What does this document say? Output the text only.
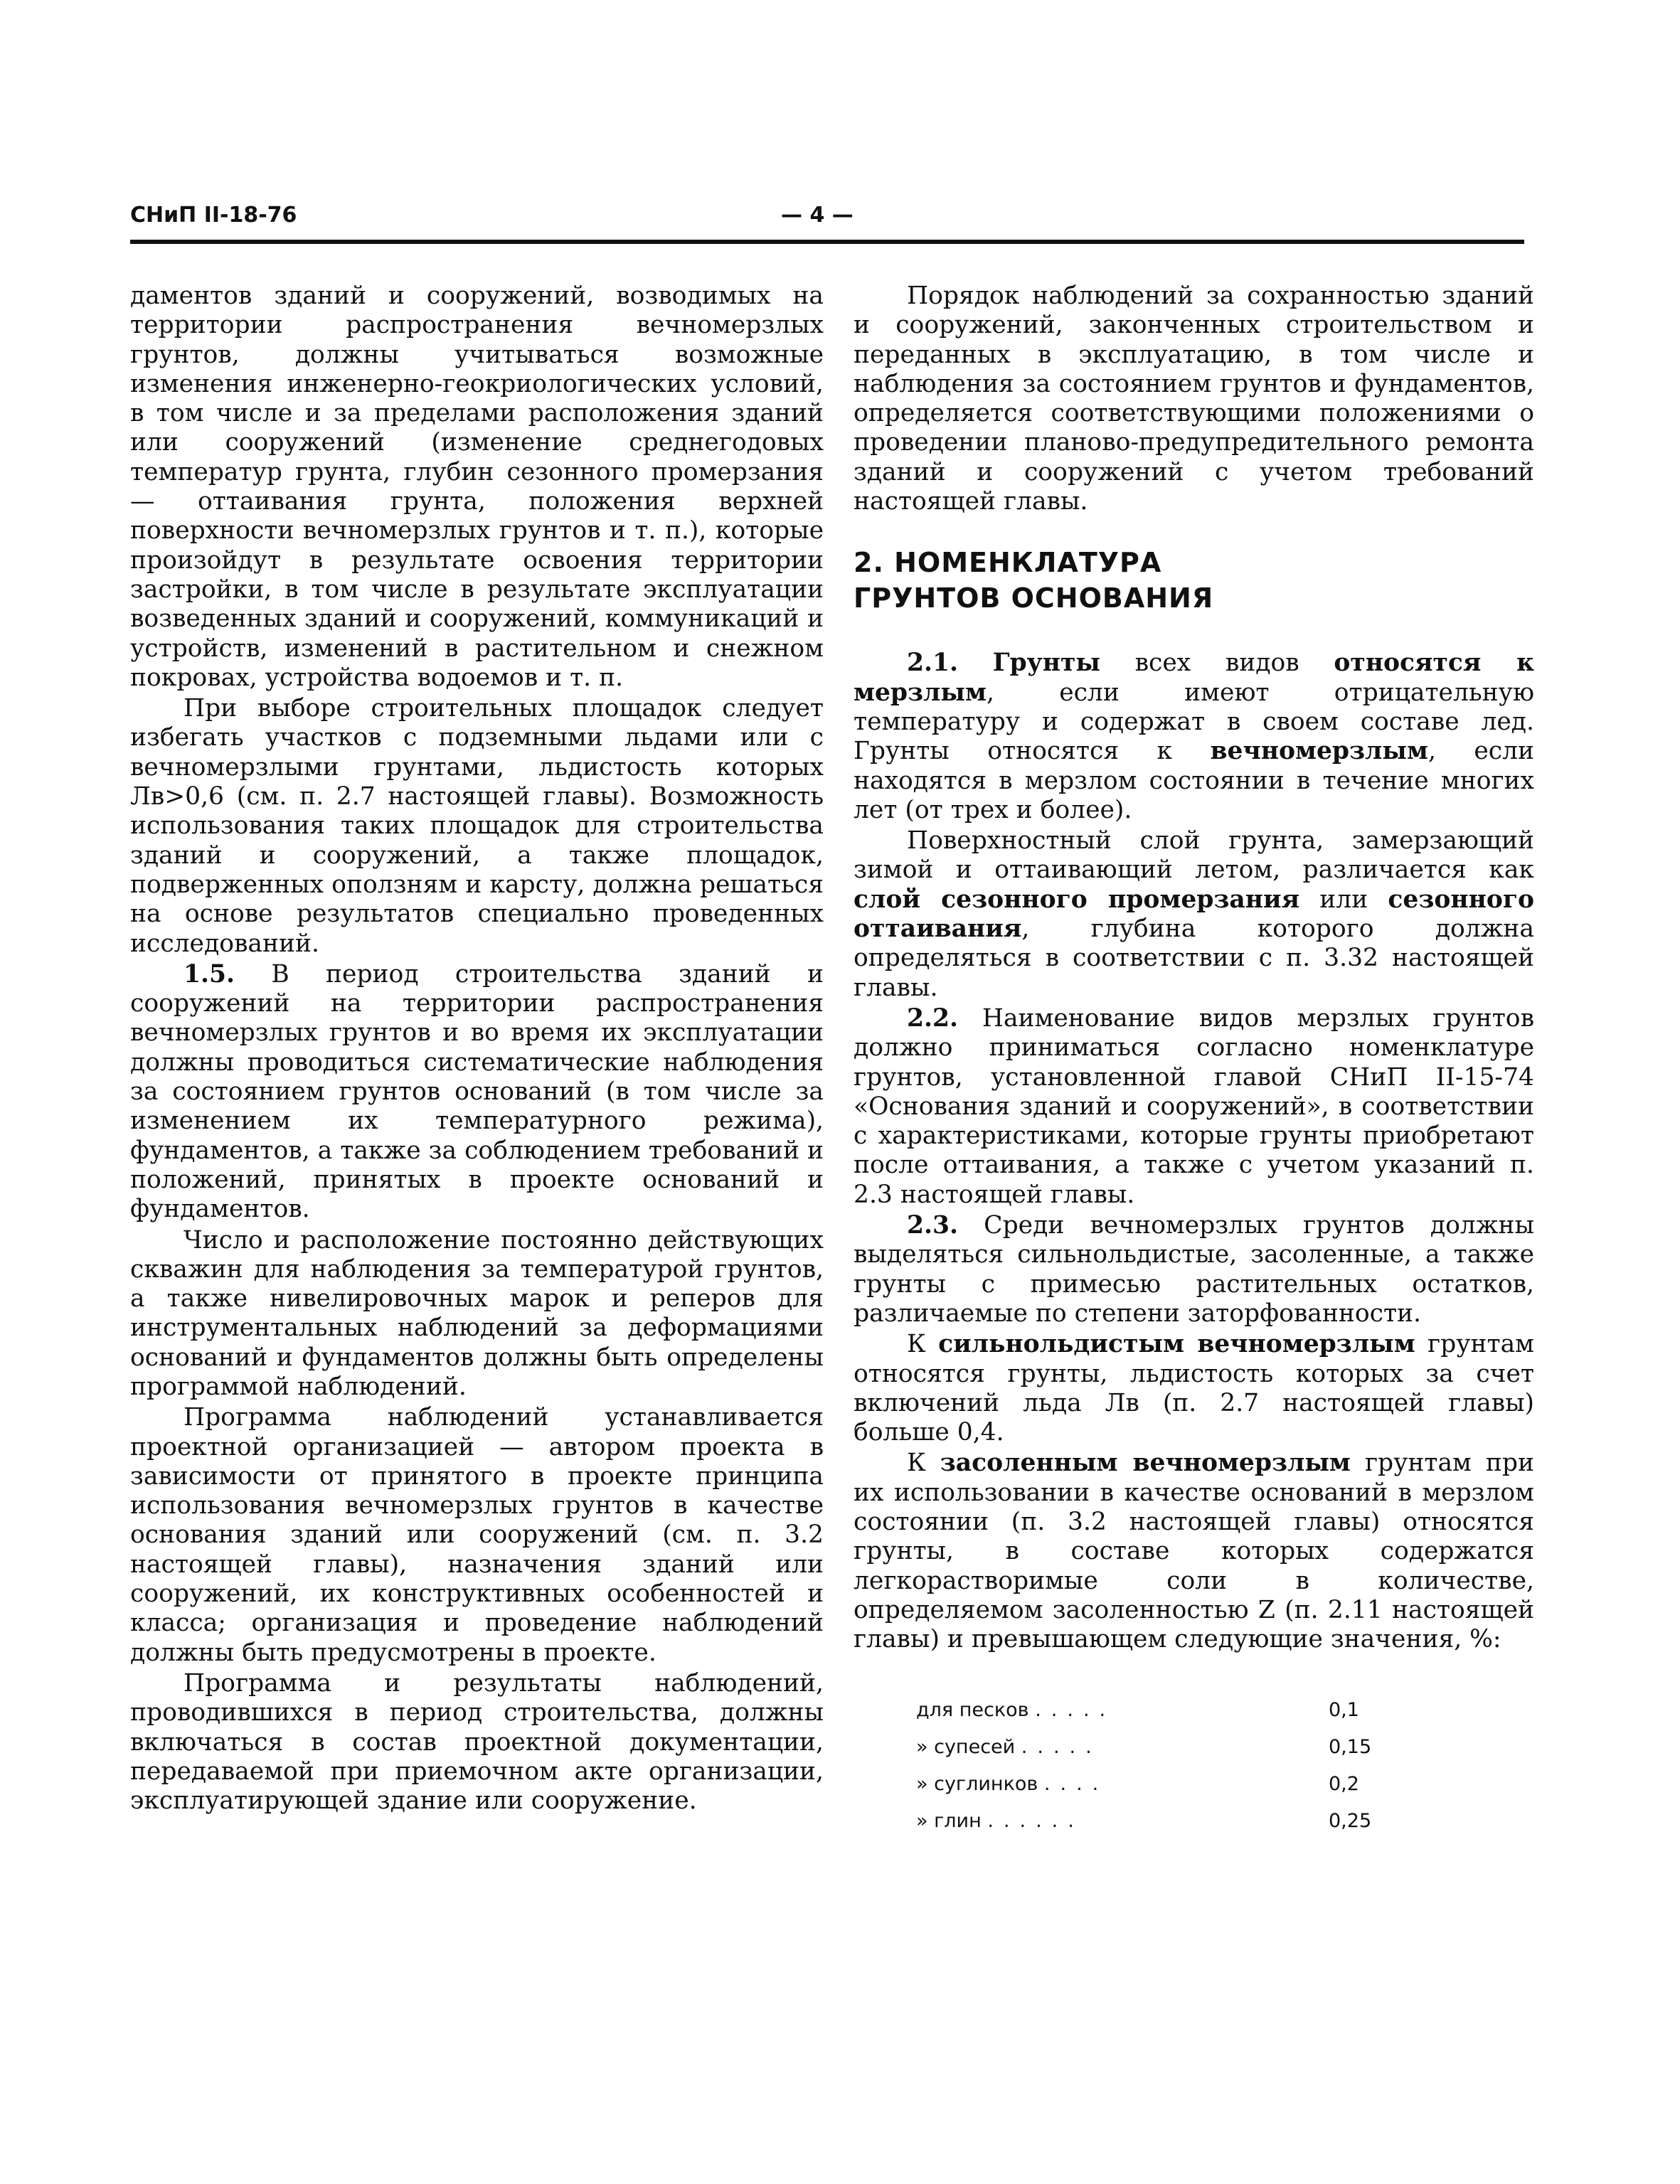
СНиП II-18-76	— 4 —

даментов зданий и сооружений, возводимых на территории распространения вечномерзлых грунтов, должны учитываться возможные изменения инженерно-геокриологических условий, в том числе и за пределами расположения зданий или сооружений (изменение среднегодовых температур грунта, глубин сезонного промерзания — оттаивания грунта, положения верхней поверхности вечномерзлых грунтов и т. п.), которые произойдут в результате освоения территории застройки, в том числе в результате эксплуатации возведенных зданий и сооружений, коммуникаций и устройств, изменений в растительном и снежном покровах, устройства водоемов и т. п.

При выборе строительных площадок следует избегать участков с подземными льдами или с вечномерзлыми грунтами, льдистость которых Лв>0,6 (см. п. 2.7 настоящей главы). Возможность использования таких площадок для строительства зданий и сооружений, а также площадок, подверженных оползням и карсту, должна решаться на основе результатов специально проведенных исследований.

1.5. В период строительства зданий и сооружений на территории распространения вечномерзлых грунтов и во время их эксплуатации должны проводиться систематические наблюдения за состоянием грунтов оснований (в том числе за изменением их температурного режима), фундаментов, а также за соблюдением требований и положений, принятых в проекте оснований и фундаментов.

Число и расположение постоянно действующих скважин для наблюдения за температурой грунтов, а также нивелировочных марок и реперов для инструментальных наблюдений за деформациями оснований и фундаментов должны быть определены программой наблюдений.

Программа наблюдений устанавливается проектной организацией — автором проекта в зависимости от принятого в проекте принципа использования вечномерзлых грунтов в качестве основания зданий или сооружений (см. п. 3.2 настоящей главы), назначения зданий или сооружений, их конструктивных особенностей и класса; организация и проведение наблюдений должны быть предусмотрены в проекте.

Программа и результаты наблюдений, проводившихся в период строительства, должны включаться в состав проектной документации, передаваемой при приемочном акте организации, эксплуатирующей здание или сооружение.

Порядок наблюдений за сохранностью зданий и сооружений, законченных строительством и переданных в эксплуатацию, в том числе и наблюдения за состоянием грунтов и фундаментов, определяется соответствующими положениями о проведении планово-предупредительного ремонта зданий и сооружений с учетом требований настоящей главы.

2. НОМЕНКЛАТУРА
ГРУНТОВ ОСНОВАНИЯ

2.1. Грунты всех видов относятся к мерзлым, если имеют отрицательную температуру и содержат в своем составе лед. Грунты относятся к вечномерзлым, если находятся в мерзлом состоянии в течение многих лет (от трех и более).

Поверхностный слой грунта, замерзающий зимой и оттаивающий летом, различается как слой сезонного промерзания или сезонного оттаивания, глубина которого должна определяться в соответствии с п. 3.32 настоящей главы.

2.2. Наименование видов мерзлых грунтов должно приниматься согласно номенклатуре грунтов, установленной главой СНиП II-15-74 «Основания зданий и сооружений», в соответствии с характеристиками, которые грунты приобретают после оттаивания, а также с учетом указаний п. 2.3 настоящей главы.

2.3. Среди вечномерзлых грунтов должны выделяться сильнольдистые, засоленные, а также грунты с примесью растительных остатков, различаемые по степени заторфованности.

К сильнольдистым вечномерзлым грунтам относятся грунты, льдистость которых за счет включений льда Лв (п. 2.7 настоящей главы) больше 0,4.

К засоленным вечномерзлым грунтам при их использовании в качестве оснований в мерзлом состоянии (п. 3.2 настоящей главы) относятся грунты, в составе которых содержатся легкорастворимые соли в количестве, определяемом засоленностью Z (п. 2.11 настоящей главы) и превышающем следующие значения, %:

для песков .....	0,1
» супесей .....	0,15
» суглинков ....	0,2
» глин ......	0,25
